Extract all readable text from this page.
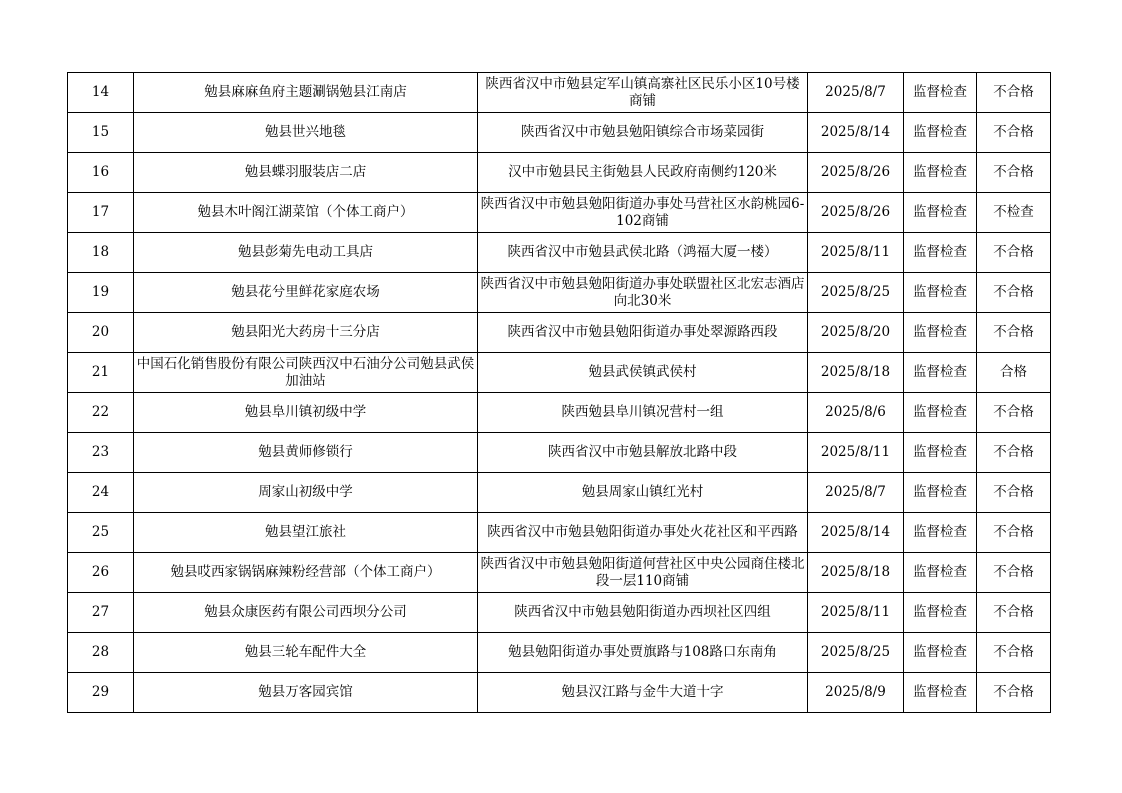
14	勉县麻麻鱼府主题涮锅勉县江南店	陕西省汉中市勉县定军山镇高寨社区民乐小区10号楼商铺	2025/8/7	监督检查	不合格
15	勉县世兴地毯	陕西省汉中市勉县勉阳镇综合市场菜园街	2025/8/14	监督检查	不合格
16	勉县蝶羽服装店二店	汉中市勉县民主街勉县人民政府南侧约120米	2025/8/26	监督检查	不合格
17	勉县木叶阁江湖菜馆（个体工商户）	陕西省汉中市勉县勉阳街道办事处马营社区水韵桃园6-102商铺	2025/8/26	监督检查	不检查
18	勉县彭菊先电动工具店	陕西省汉中市勉县武侯北路（鸿福大厦一楼）	2025/8/11	监督检查	不合格
19	勉县花兮里鲜花家庭农场	陕西省汉中市勉县勉阳街道办事处联盟社区北宏志酒店向北30米	2025/8/25	监督检查	不合格
20	勉县阳光大药房十三分店	陕西省汉中市勉县勉阳街道办事处翠源路西段	2025/8/20	监督检查	不合格
21	中国石化销售股份有限公司陕西汉中石油分公司勉县武侯加油站	勉县武侯镇武侯村	2025/8/18	监督检查	合格
22	勉县阜川镇初级中学	陕西勉县阜川镇况营村一组	2025/8/6	监督检查	不合格
23	勉县黄师修锁行	陕西省汉中市勉县解放北路中段	2025/8/11	监督检查	不合格
24	周家山初级中学	勉县周家山镇红光村	2025/8/7	监督检查	不合格
25	勉县望江旅社	陕西省汉中市勉县勉阳街道办事处火花社区和平西路	2025/8/14	监督检查	不合格
26	勉县哎西家锅锅麻辣粉经营部（个体工商户）	陕西省汉中市勉县勉阳街道何营社区中央公园商住楼北段一层110商铺	2025/8/18	监督检查	不合格
27	勉县众康医药有限公司西坝分公司	陕西省汉中市勉县勉阳街道办西坝社区四组	2025/8/11	监督检查	不合格
28	勉县三轮车配件大全	勉县勉阳街道办事处贾旗路与108路口东南角	2025/8/25	监督检查	不合格
29	勉县万客园宾馆	勉县汉江路与金牛大道十字	2025/8/9	监督检查	不合格
